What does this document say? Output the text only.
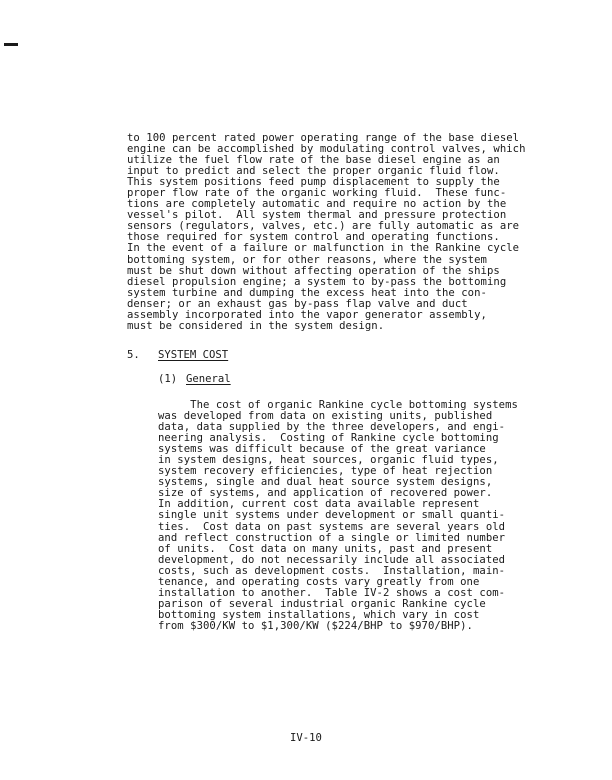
to 100 percent rated power operating range of the base diesel
engine can be accomplished by modulating control valves, which
utilize the fuel flow rate of the base diesel engine as an
input to predict and select the proper organic fluid flow.
This system positions feed pump displacement to supply the
proper flow rate of the organic working fluid.  These func-
tions are completely automatic and require no action by the
vessel's pilot.  All system thermal and pressure protection
sensors (regulators, valves, etc.) are fully automatic as are
those required for system control and operating functions.
In the event of a failure or malfunction in the Rankine cycle
bottoming system, or for other reasons, where the system
must be shut down without affecting operation of the ships
diesel propulsion engine; a system to by-pass the bottoming
system turbine and dumping the excess heat into the con-
denser; or an exhaust gas by-pass flap valve and duct
assembly incorporated into the vapor generator assembly,
must be considered in the system design.
5. SYSTEM COST
(1) General
The cost of organic Rankine cycle bottoming systems
was developed from data on existing units, published
data, data supplied by the three developers, and engi-
neering analysis.  Costing of Rankine cycle bottoming
systems was difficult because of the great variance
in system designs, heat sources, organic fluid types,
system recovery efficiencies, type of heat rejection
systems, single and dual heat source system designs,
size of systems, and application of recovered power.
In addition, current cost data available represent
single unit systems under development or small quanti-
ties.  Cost data on past systems are several years old
and reflect construction of a single or limited number
of units.  Cost data on many units, past and present
development, do not necessarily include all associated
costs, such as development costs.  Installation, main-
tenance, and operating costs vary greatly from one
installation to another.  Table IV-2 shows a cost com-
parison of several industrial organic Rankine cycle
bottoming system installations, which vary in cost
from $300/KW to $1,300/KW ($224/BHP to $970/BHP).
IV-10
